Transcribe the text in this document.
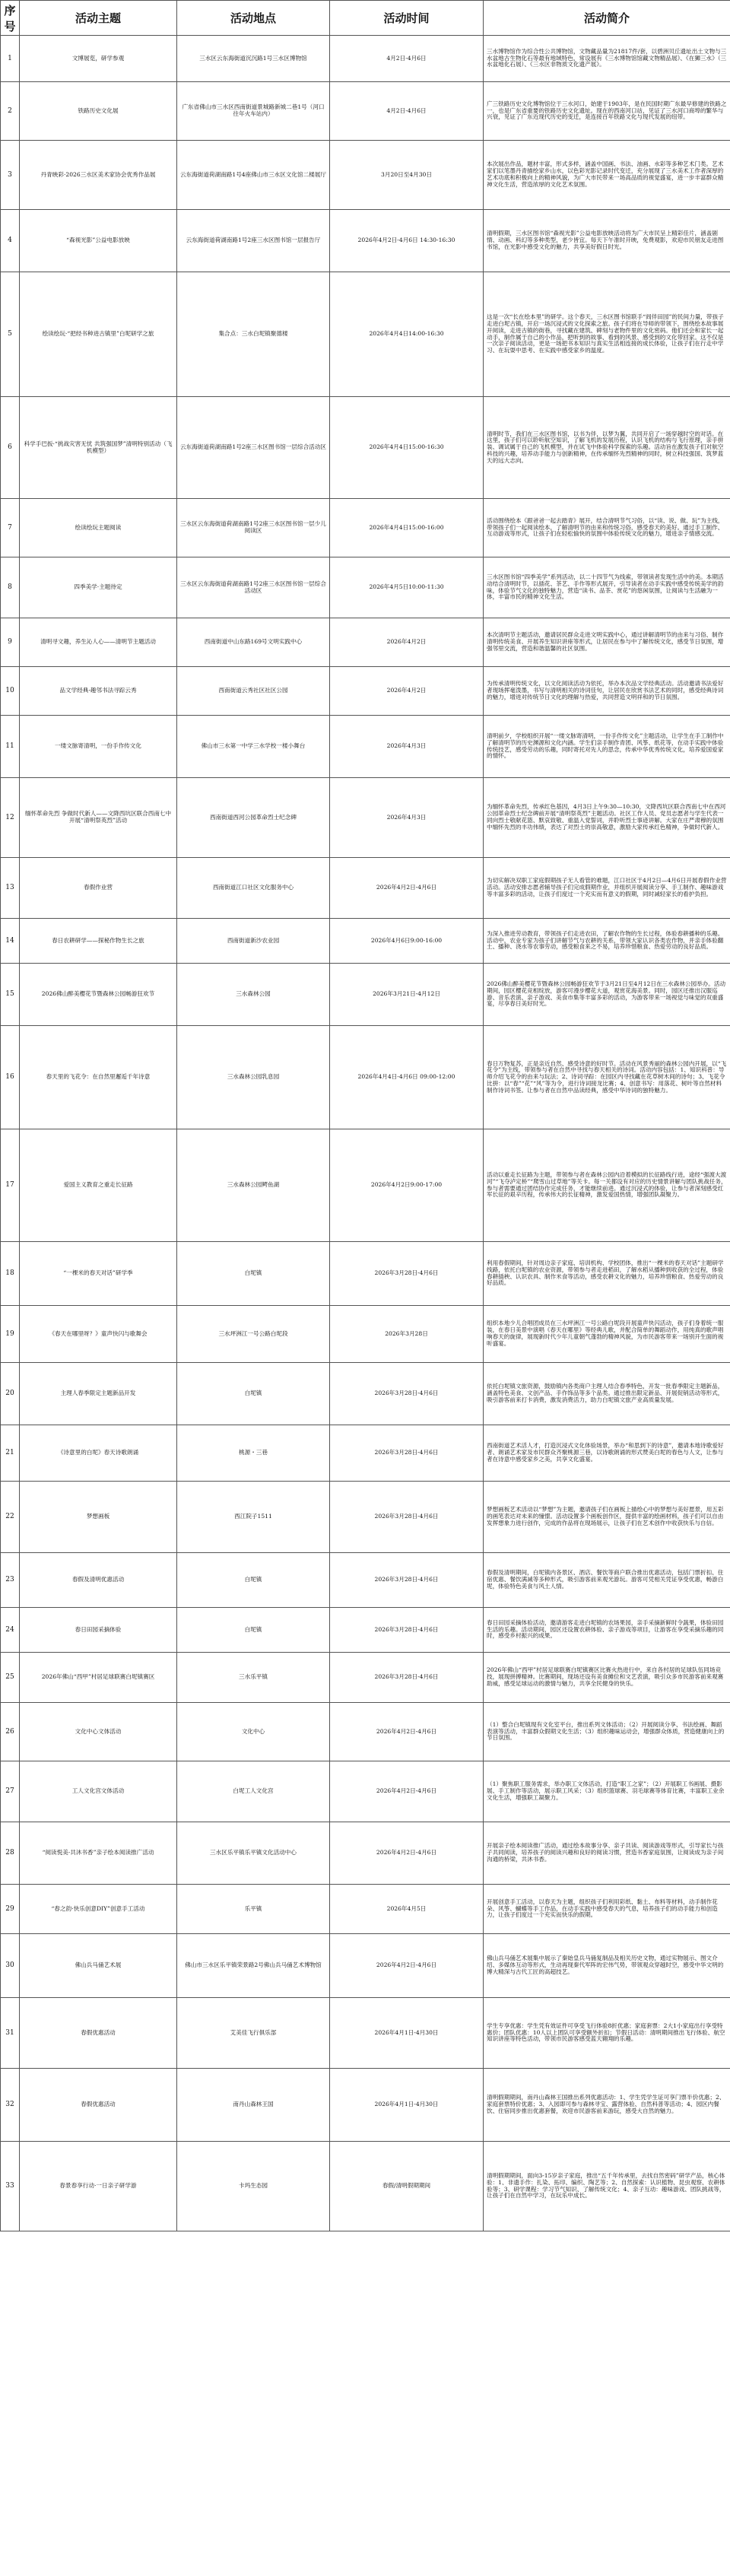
序号	活动主题	活动地点	活动时间	活动简介
1	文博展览，研学参观	三水区云东海街道沉沉路1号三水区博物馆	4月2日-4月6日	三水博物馆作为综合性公共博物馆，文物藏品量为21817件/套，以碧洲贝丘遗址出土文物与三水盆地古生物化石等最有地域特色，常设展有《三水博物馆馆藏文物精品展》、《在狮三水》（三水盆地化石展）、《三水区非物质文化遗产展》。
2	铁路历史文化展	广东省佛山市三水区西南街道景城路新城二巷1号（河口往年火车站内）	4月2日-4月6日	广三铁路历史文化博物馆位于三水河口，始建于1903年，是在民国时期广东最早修建的铁路之一，也是广东省重要的铁路历史文化遗址。现在的西南河口站，见证了三水河口商埠的繁华与兴衰，见证了广东近现代历史的变迁，是连接百年铁路文化与现代发展的纽带。
3	丹青映彩·2026三水区美术家协会优秀作品展	云东海街道荷湖南路1号4座佛山市三水区文化馆二楼展厅	3月20日至4月30日	本次展出作品，题材丰富，形式多样，涵盖中国画、书法、油画、水彩等多种艺术门类。艺术家们以笔墨丹青描绘家乡山水，以色彩光影记录时代变迁，充分展现了三水美术工作者深厚的艺术功底和积极向上的精神风貌，为广大市民带来一场高品质的视觉盛宴，进一步丰富群众精神文化生活，营造浓厚的文化艺术氛围。
4	“森视光影”公益电影放映	云东海街道荷湖南路1号2座三水区图书馆一层报告厅	2026年4月2日-4月6日 14:30-16:30	清明假期，三水区图书馆“森视光影”公益电影放映活动将为广大市民呈上精彩佳片，涵盖剧情、动画、科幻等多种类型，老少皆宜。每天下午准时开映，免费观影，欢迎市民朋友走进图书馆，在光影中感受文化的魅力，共享美好假日时光。
5	绘读绘玩·“把经书种进古镇里”白坭研学之旅	集合点：三水白坭镇聚德楼	2026年4月4日14:00-16:30	这是一次“长在绘本里”的研学。这个春天，三水区图书馆联手“闾伴田园”的民间力量，带孩子走进白坭古镇，开启一场沉浸式的文化探索之旅。孩子们将在导师的带领下，围绕绘本故事展开阅读，走进古镇的街巷，寻找藏在建筑、碑刻与老物件里的文化密码。他们还会和家长一起动手，制作属于自己的小作品，把听到的故事、看到的风景、感受到的文化带回家。这不仅是一次亲子阅读活动，更是一场把书本知识与真实生活相连接的成长体验，让孩子们在行走中学习、在玩耍中思考、在实践中感受家乡的温度。
6	科学手巴扳·“挑战灾害无忧 共筑强国梦”清明特别活动（飞机模型）	云东海街道荷湖南路1号2座三水区图书馆一层综合活动区	2026年4月4日15:00-16:30	清明时节，我们在三水区图书馆，以书为伴，以梦为翼，共同开启了一场穿越时空的对话。在这里，孩子们可以聆听航空知识，了解飞机的发展历程，认识飞机的结构与飞行原理，亲手拼装、调试属于自己的飞机模型，并在试飞中体验科学探索的乐趣。活动旨在激发孩子们对航空科技的兴趣，培养动手能力与创新精神，在传承缅怀先烈精神的同时，树立科技强国、筑梦蓝天的远大志向。
7	绘读绘玩主题阅读	三水区云东海街道荷湖南路1号2座三水区图书馆一层少儿阅读区	2026年4月4日15:00-16:00	活动围绕绘本《跟爸爸一起去踏青》展开，结合清明节气习俗，以“读、说、做、玩”为主线，带领孩子们一起阅读绘本，了解清明节的由来和传统习俗，感受春天的美好。通过手工制作、互动游戏等形式，让孩子们在轻松愉快的氛围中体验传统文化的魅力，增进亲子情感交流。
8	四季美学·主题待定	三水区云东海街道荷湖南路1号2座三水区图书馆一层综合活动区	2026年4月5日10:00-11:30	三水区图书馆“四季美学”系列活动，以二十四节气为线索，带领读者发现生活中的美。本期活动结合清明时节，以插花、茶艺、手作等形式展开，引导读者在动手实践中感受传统美学的韵味，体验节气文化的独特魅力，营造“读书、品茶、赏花”的悠闲氛围，让阅读与生活融为一体，丰富市民的精神文化生活。
9	清明寻文趣，养生沁人心——清明节主题活动	西南街道中山东路169号文明实践中心	2026年4月2日	本次清明节主题活动，邀请居民群众走进文明实践中心，通过讲解清明节的由来与习俗、制作清明传统美食、开展养生知识讲座等形式，让居民在参与中了解传统文化，感受节日氛围，增强邻里交流，营造和谐温馨的社区氛围。
10	品文学经典·趣邻书法寻踪云秀	西南街道云秀社区社区公园	2026年4月2日	为传承清明传统文化，以文化阅读活动为依托，举办本次品文学经典活动。活动邀请书法爱好者现场挥毫泼墨，书写与清明相关的诗词佳句，让居民在欣赏书法艺术的同时，感受经典诗词的魅力，增进对传统节日文化的理解与热爱，共同营造文明祥和的节日氛围。
11	一缕文脉寄清明，一份手作传文化	佛山市三水第一中学三水学校一楼小舞台	2026年4月3日	清明前夕，学校组织开展“一缕文脉寄清明，一份手作传文化”主题活动，让学生在手工制作中了解清明节的历史渊源和文化内涵。学生们亲手制作青团、风筝、纸花等，在动手实践中体验传统技艺，感受劳动的乐趣，同时寄托对先人的思念，传承中华优秀传统文化，培养爱国爱家的情怀。
12	缅怀革命先烈 争做时代新人——文降西坑区联合西南七中开展“清明祭英烈”活动	西南街道西河公园革命烈士纪念碑	2026年4月3日	为缅怀革命先烈，传承红色基因，4月3日上午9:30—10:30，文降西坑区联合西南七中在西河公园革命烈士纪念碑前开展“清明祭英烈”主题活动。社区工作人员、党员志愿者与学生代表一同向烈士敬献花篮、默哀致敬、重温入党誓词，并聆听烈士事迹讲解。大家在庄严肃穆的氛围中缅怀先烈的丰功伟绩，表达了对烈士的崇高敬意，激励大家传承红色精神，争做时代新人。
13	春假作业营	西南街道江口社区文化服务中心	2026年4月2日-4月6日	为切实解决双职工家庭假期孩子无人看管的难题，江口社区于4月2日—4月6日开展春假作业营活动。活动安排志愿者辅导孩子们完成假期作业，并组织开展阅读分享、手工制作、趣味游戏等丰富多彩的活动，让孩子们度过一个充实而有意义的假期，同时减轻家长的看护负担。
14	春日农耕研学——探秘作物生长之旅	西南街道新沙农业园	2026年4月6日9:00-16:00	为深入推进劳动教育，带领孩子们走进农田，了解农作物的生长过程，体验春耕播种的乐趣。活动中，农业专家为孩子们讲解节气与农耕的关系，带领大家认识各类农作物，并亲手体验翻土、播种、浇水等农事劳动，感受粮食来之不易，培养珍惜粮食、热爱劳动的良好品质。
15	2026佛山醉美樱花节暨森林公园畅游狂欢节	三水森林公园	2026年3月21日-4月12日	2026佛山醉美樱花节暨森林公园畅游狂欢节于3月21日至4月12日在三水森林公园举办。活动期间，园区樱花竞相绽放，游客可漫步樱花大道，观赏花海美景。同时，园区还推出汉服巡游、音乐表演、亲子游戏、美食市集等丰富多彩的活动，为游客带来一场视觉与味觉的双重盛宴，尽享春日美好时光。
16	春天里的飞花令：在自然里邂逅千年诗意	三水森林公园乳息园	2026年4月4日-4月6日 09:00-12:00	春日万物复苏，正是亲近自然、感受诗意的好时节。活动在风景秀丽的森林公园内开展，以“飞花令”为主线，带领参与者在自然中寻找与春天相关的诗词。活动内容包括：1、知识科普：导师介绍飞花令的由来与玩法；2、诗词寻踪：在园区内寻找藏在花草树木间的诗句；3、飞花令比拼：以“春”“花”“风”等为令，进行诗词接龙比赛；4、创意书写：用落花、树叶等自然材料制作诗词书签。让参与者在自然中品读经典，感受中华诗词的独特魅力。
17	爱国主义教育之重走长征路	三水森林公园鳄鱼湖	2026年4月2日9:00-17:00	活动以重走长征路为主题，带领参与者在森林公园内沿着模拟的长征路线行进，途经“强渡大渡河”“飞夺泸定桥”“爬雪山过草地”等关卡。每一关都设有对应的历史情景讲解与团队挑战任务，参与者需要通过团结协作完成任务，才能继续前进。通过沉浸式的体验，让参与者深刻感受红军长征的艰辛历程，传承伟大的长征精神，激发爱国热情，增强团队凝聚力。
18	“一棵米的春天对话”研学季	白坭镇	2026年3月28日-4月6日	利用春假期间，针对周边亲子家庭、培训机构、学校团体，推出“一棵米的春天对话”主题研学线路，依托白坭镇的农业资源，带领参与者走进稻田，了解水稻从播种到收获的全过程，体验春耕插秧、认识农具、制作米食等活动，感受农耕文化的魅力，培养珍惜粮食、热爱劳动的良好品质。
19	《春天在哪里呀？》童声快闪与歌舞会	三水坪洲江一号公路白坭段	2026年3月28日	组织本地少儿合唱团成员在三水坪洲江一号公路白坭段开展童声快闪活动，孩子们身着统一服装，在春日美景中演唱《春天在哪里》等经典儿歌，并配合简单的舞蹈动作，用纯真的歌声唱响春天的旋律，展现新时代少年儿童朝气蓬勃的精神风貌，为市民游客带来一场别开生面的视听盛宴。
20	主理人春季限定主题新品开发	白坭镇	2026年3月28日-4月6日	依托白坭镇文旅资源，鼓励镇内各类商户主理人结合春季特色，开发一批春季限定主题新品，涵盖特色美食、文创产品、手作饰品等多个品类。通过推出限定新品、开展促销活动等形式，吸引游客前来打卡消费，激发消费活力，助力白坭镇文旅产业高质量发展。
21	《诗意里的白坭》春天诗歌朗诵	桃源・三巷	2026年3月28日-4月6日	西南街道艺术活人才，打造沉浸式文化体验场景，举办“和思到下的诗意”，邀请本地诗歌爱好者、朗诵艺术家及市民群众齐聚桃源三巷，以诗歌朗诵的形式赞美白坭的春色与人文，让参与者在诗意中感受家乡之美，共享文化盛宴。
22	梦想画板	西江院子1511	2026年3月28日-4月6日	梦想画板艺术活动以“梦想”为主题，邀请孩子们在画板上描绘心中的梦想与美好愿景，用五彩的画笔表达对未来的憧憬。活动设置多个画板创作区，提供丰富的绘画材料，孩子们可以自由发挥想象力进行创作，完成的作品将在现场展示，让孩子们在艺术创作中收获快乐与自信。
23	春假及清明优惠活动	白坭镇	2026年3月28日-4月6日	春假及清明期间，白坭镇内各景区、酒店、餐饮等商户联合推出优惠活动，包括门票折扣、住宿优惠、餐饮满减等多种形式，吸引游客前来观光游玩。游客可凭相关凭证享受优惠，畅游白坭，体验特色美食与风土人情。
24	春日田园采摘体验	白坭镇	2026年3月28日-4月6日	春日田园采摘体验活动，邀请游客走进白坭镇的农场果园，亲手采摘新鲜时令蔬果，体验田园生活的乐趣。活动期间，园区还设置农耕体验、亲子游戏等项目，让游客在享受采摘乐趣的同时，感受乡村振兴的成果。
25	2026年佛山“西甲”村居足球联赛白坭镇赛区	三水乐平镇	2026年3月28日-4月6日	2026年佛山“西甲”村居足球联赛白坭镇赛区比赛火热进行中，来自各村居的足球队伍同场竞技，展现拼搏精神。比赛期间，现场还设有美食摊位和文艺表演，吸引众多市民游客前来观赛助威，感受足球运动的激情与魅力，共享全民健身的快乐。
26	文化中心文体活动	文化中心	2026年4月2日-4月6日	（1）整合白坭镇现有文化室平台，推出系列文体活动；（2）开展阅读分享、书法绘画、舞蹈表演等活动，丰富群众假期文化生活；（3）组织趣味运动会，增强群众体质，营造健康向上的节日氛围。
27	工人文化宫文体活动	白坭工人文化宫	2026年4月2日-4月6日	（1）聚焦职工服务需求，举办职工文体活动，打造“职工之家”；（2）开展职工书画展、摄影展、手工制作等活动，展示职工风采；（3）组织篮球赛、羽毛球赛等体育比赛，丰富职工业余文化生活，增强职工凝聚力。
28	“阅读悦美·共沐书香”亲子绘本阅读推广活动	三水区乐平镇乐平镇文化活动中心	2026年4月2日-4月6日	开展亲子绘本阅读推广活动，通过绘本故事分享、亲子共读、阅读游戏等形式，引导家长与孩子共同阅读，培养孩子的阅读兴趣和良好的阅读习惯，营造书香家庭氛围，让阅读成为亲子间沟通的桥梁，共沐书香。
29	“春之韵·快乐创意DIY”创意手工活动	乐平镇	2026年4月5日	开展创意手工活动，以春天为主题，组织孩子们利用彩纸、黏土、布料等材料，动手制作花朵、风筝、蝴蝶等手工作品，在动手实践中感受春天的气息，培养孩子们的动手能力和创造力，让孩子们度过一个充实而快乐的假期。
30	佛山兵马俑艺术展	佛山市三水区乐平镇荣景路2号佛山兵马俑艺术博物馆	2026年4月2日-4月6日	佛山兵马俑艺术展集中展示了秦始皇兵马俑复制品及相关历史文物，通过实物展示、图文介绍、多媒体互动等形式，生动再现秦代军阵的宏伟气势，带领观众穿越时空，感受中华文明的博大精深与古代工匠的高超技艺。
31	春假优惠活动	艾美佳飞行俱乐部	2026年4月1日-4月30日	学生专享优惠：学生凭有效证件可享受飞行体验8折优惠；家庭套票：2大1小家庭出行享受特惠价；团队优惠：10人以上团队可享受额外折扣；节假日活动：清明期间推出飞行体验、航空知识讲座等特色活动，带领市民游客感受蓝天翱翔的乐趣。
32	春假优惠活动	南丹山森林王国	2026年4月1日-4月30日	清明假期期间，南丹山森林王国推出系列优惠活动：1、学生凭学生证可享门票半价优惠；2、家庭套票特价优惠；3、入园即可参与森林寻宝、露营体验、自然科普等活动；4、园区内餐饮、住宿同步推出优惠套餐，欢迎市民游客前来游玩，感受大自然的魅力。
33	春景春享行动·一日亲子研学游	卡玛生态园	春假/清明假期期间	清明假期期间，面向3-15岁亲子家庭，推出“五千年传承里，去找自然密码”研学产品，核心体验：1、非遗手作：扎染、拓印、编织、陶艺等；2、自然探索：认识植物、昆虫观察、农耕体验等；3、研学课程：学习节气知识、了解传统文化；4、亲子互动：趣味游戏、团队挑战等，让孩子们在自然中学习，在玩乐中成长。
